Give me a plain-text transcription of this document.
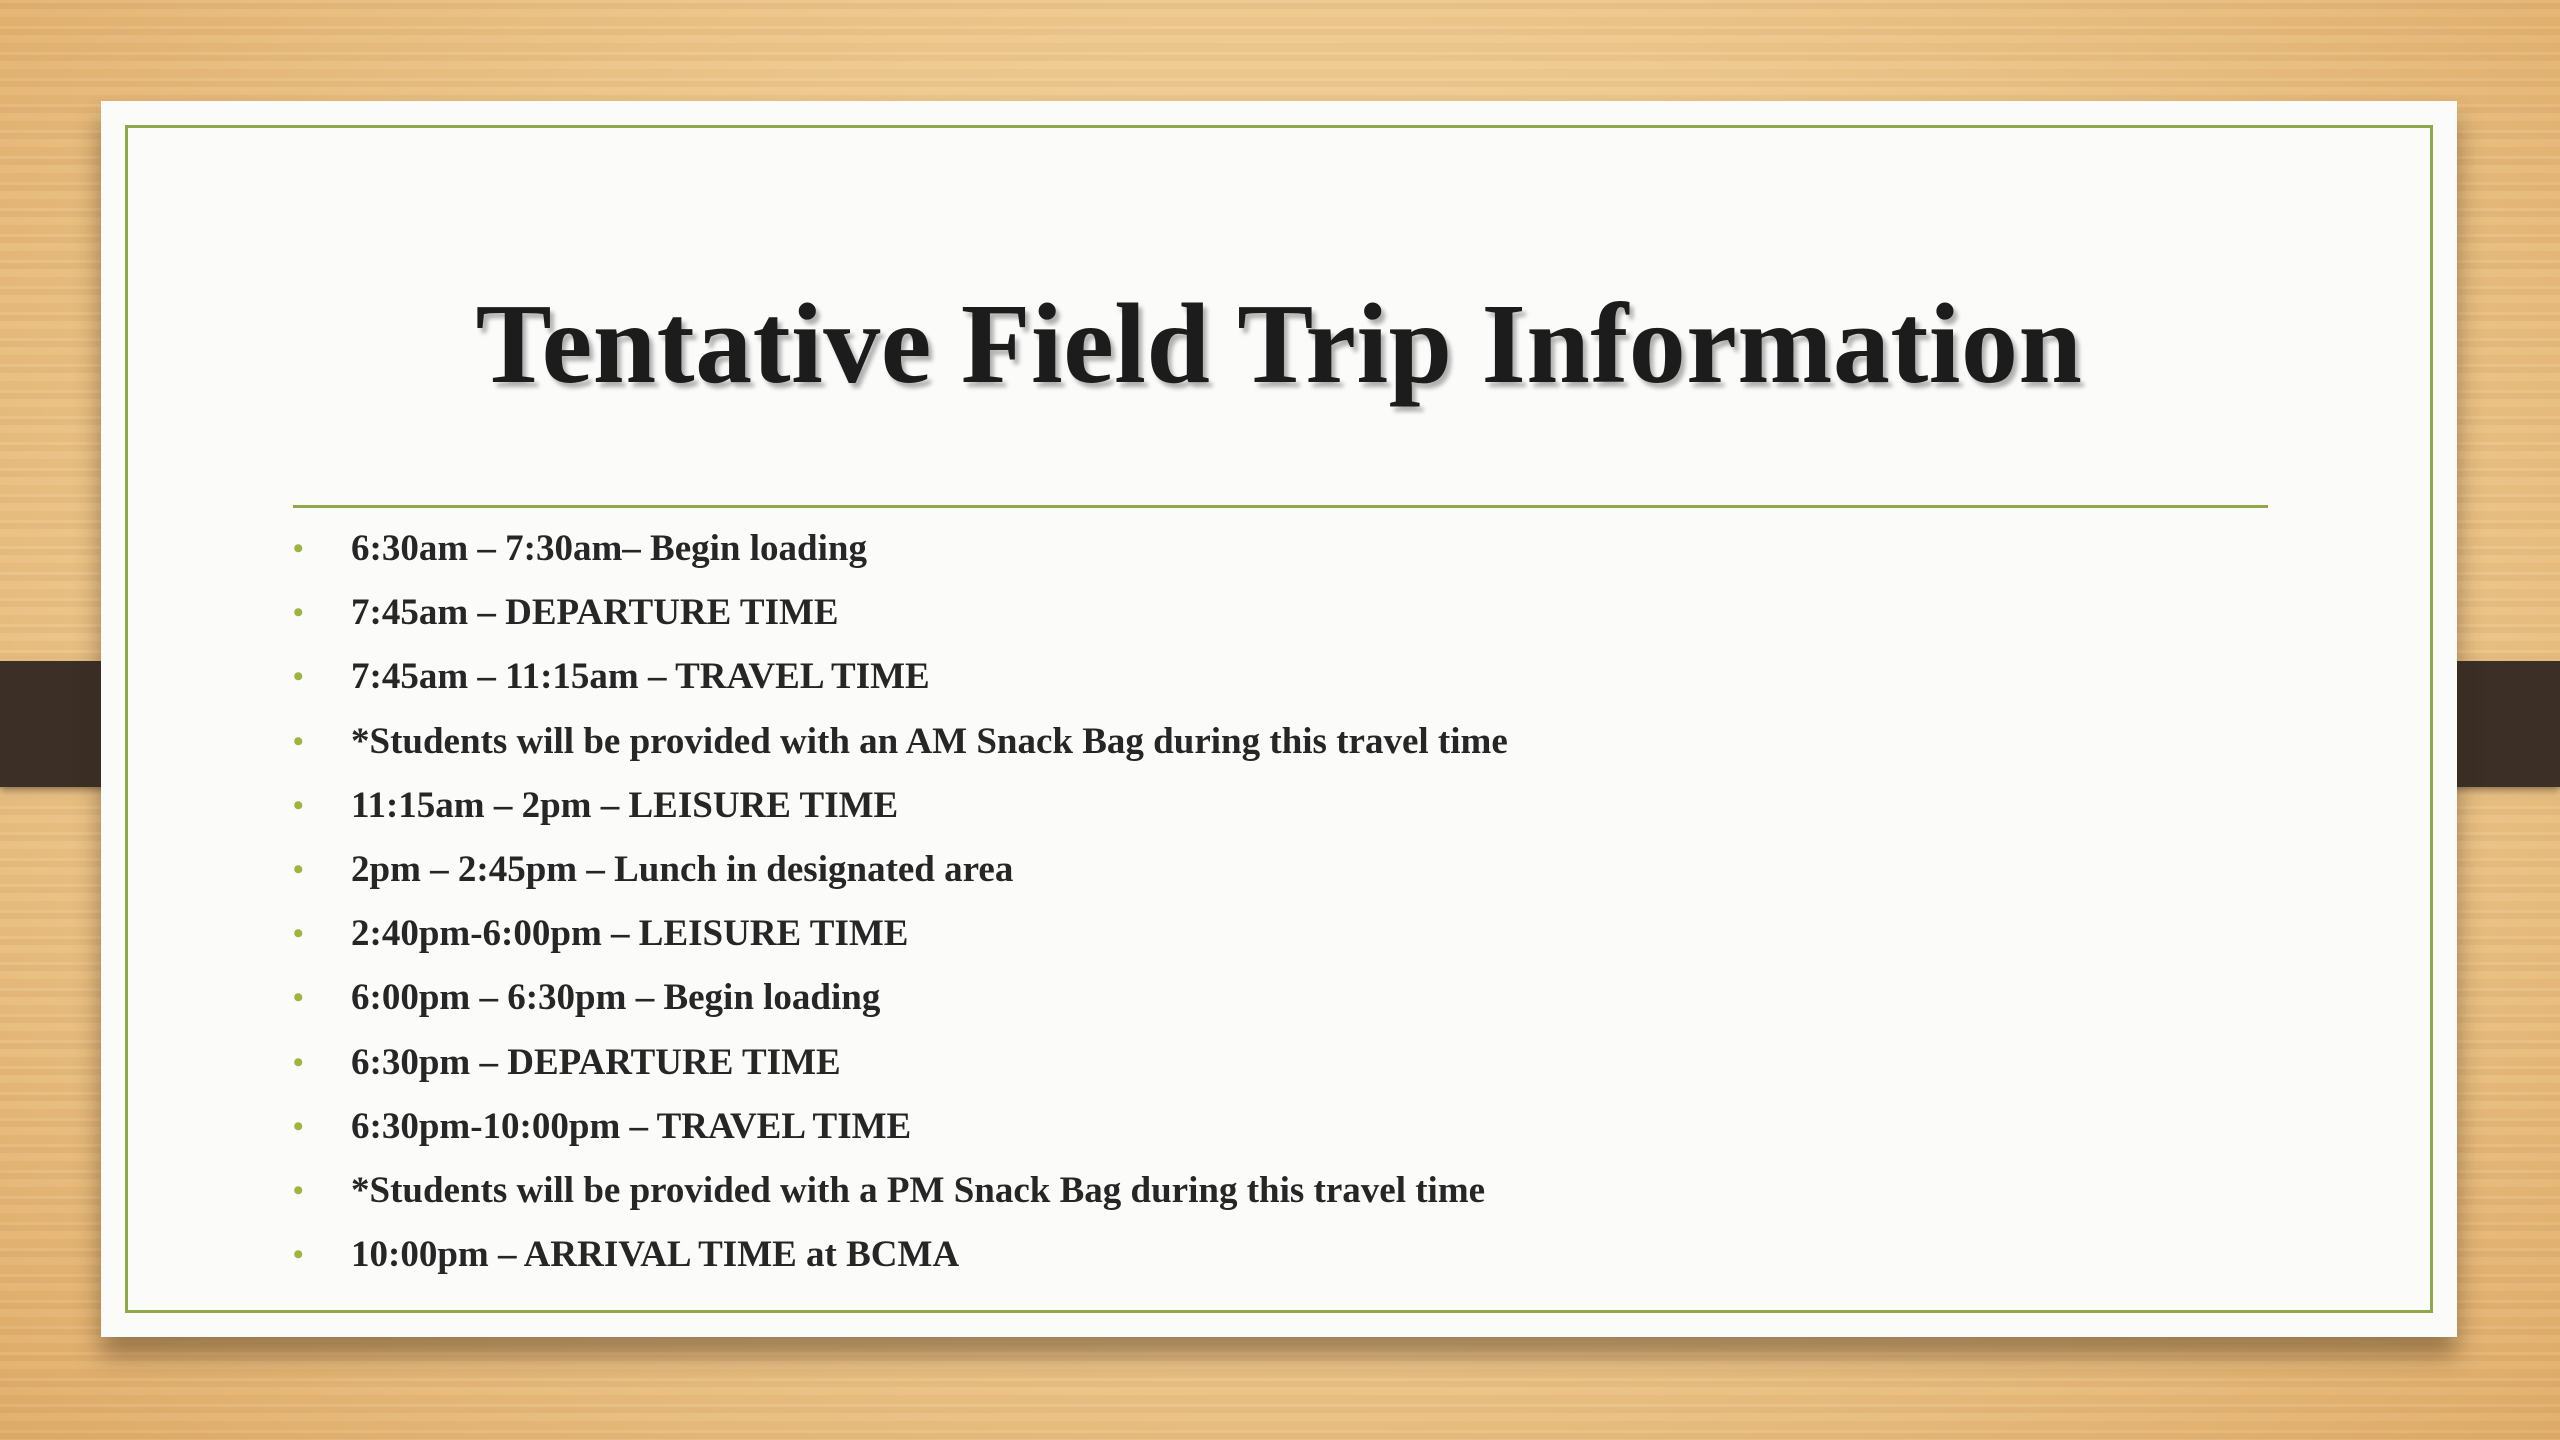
Tentative Field Trip Information
•	6:30am – 7:30am– Begin loading
•	7:45am – DEPARTURE TIME
•	7:45am – 11:15am – TRAVEL TIME
•	*Students will be provided with an AM Snack Bag during this travel time
•	11:15am – 2pm – LEISURE TIME
•	2pm – 2:45pm – Lunch in designated area
•	2:40pm-6:00pm – LEISURE TIME
•	6:00pm – 6:30pm – Begin loading
•	6:30pm – DEPARTURE TIME
•	6:30pm-10:00pm – TRAVEL TIME
•	*Students will be provided with a PM Snack Bag during this travel time
•	10:00pm – ARRIVAL TIME at BCMA
